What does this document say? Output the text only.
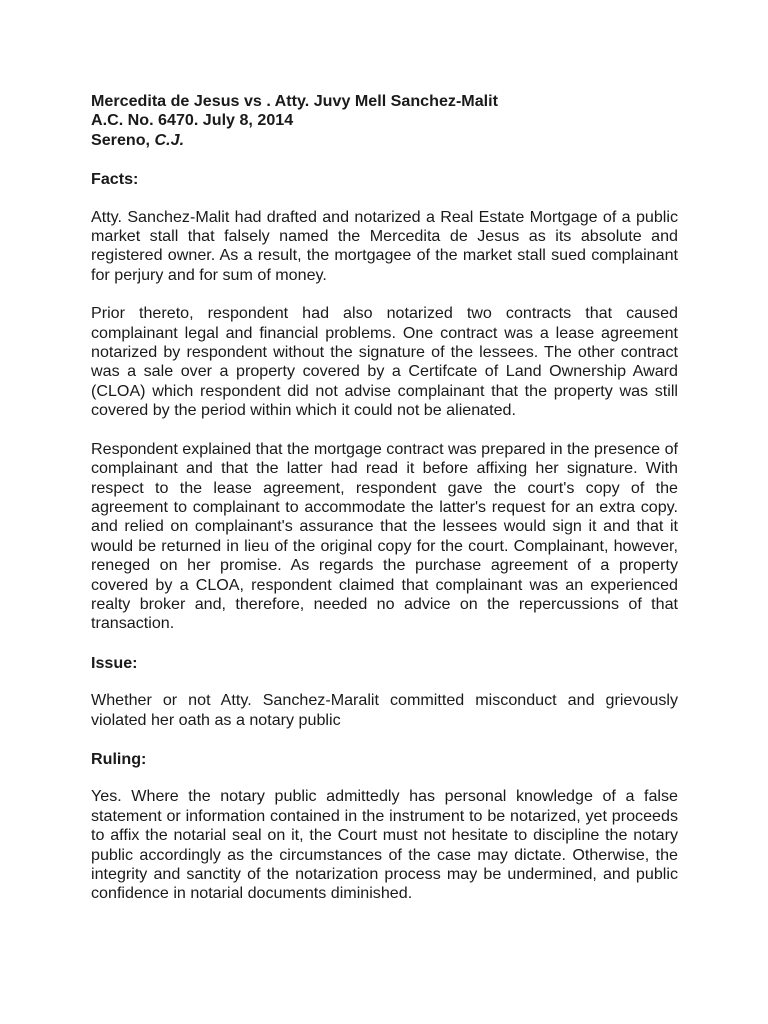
Mercedita de Jesus vs . Atty. Juvy Mell Sanchez-Malit
A.C. No. 6470. July 8, 2014
Sereno, C.J.
Facts:

Atty. Sanchez-Malit had drafted and notarized a Real Estate Mortgage of a public market stall that falsely named the Mercedita de Jesus as its absolute and registered owner. As a result, the mortgagee of the market stall sued complainant for perjury and for sum of money.

Prior thereto, respondent had also notarized two contracts that caused complainant legal and financial problems. One contract was a lease agreement notarized by respondent without the signature of the lessees. The other contract was a sale over a property covered by a Certifcate of Land Ownership Award (CLOA) which respondent did not advise complainant that the property was still covered by the period within which it could not be alienated.

Respondent explained that the mortgage contract was prepared in the presence of complainant and that the latter had read it before affixing her signature. With respect to the lease agreement, respondent gave the court's copy of the agreement to complainant to accommodate the latter's request for an extra copy. and relied on complainant's assurance that the lessees would sign it and that it would be returned in lieu of the original copy for the court. Complainant, however, reneged on her promise. As regards the purchase agreement of a property covered by a CLOA, respondent claimed that complainant was an experienced realty broker and, therefore, needed no advice on the repercussions of that transaction.

Issue:

Whether or not Atty. Sanchez-Maralit committed misconduct and grievously violated her oath as a notary public

Ruling:

Yes. Where the notary public admittedly has personal knowledge of a false statement or information contained in the instrument to be notarized, yet proceeds to affix the notarial seal on it, the Court must not hesitate to discipline the notary public accordingly as the circumstances of the case may dictate. Otherwise, the integrity and sanctity of the notarization process may be undermined, and public confidence in notarial documents diminished.
